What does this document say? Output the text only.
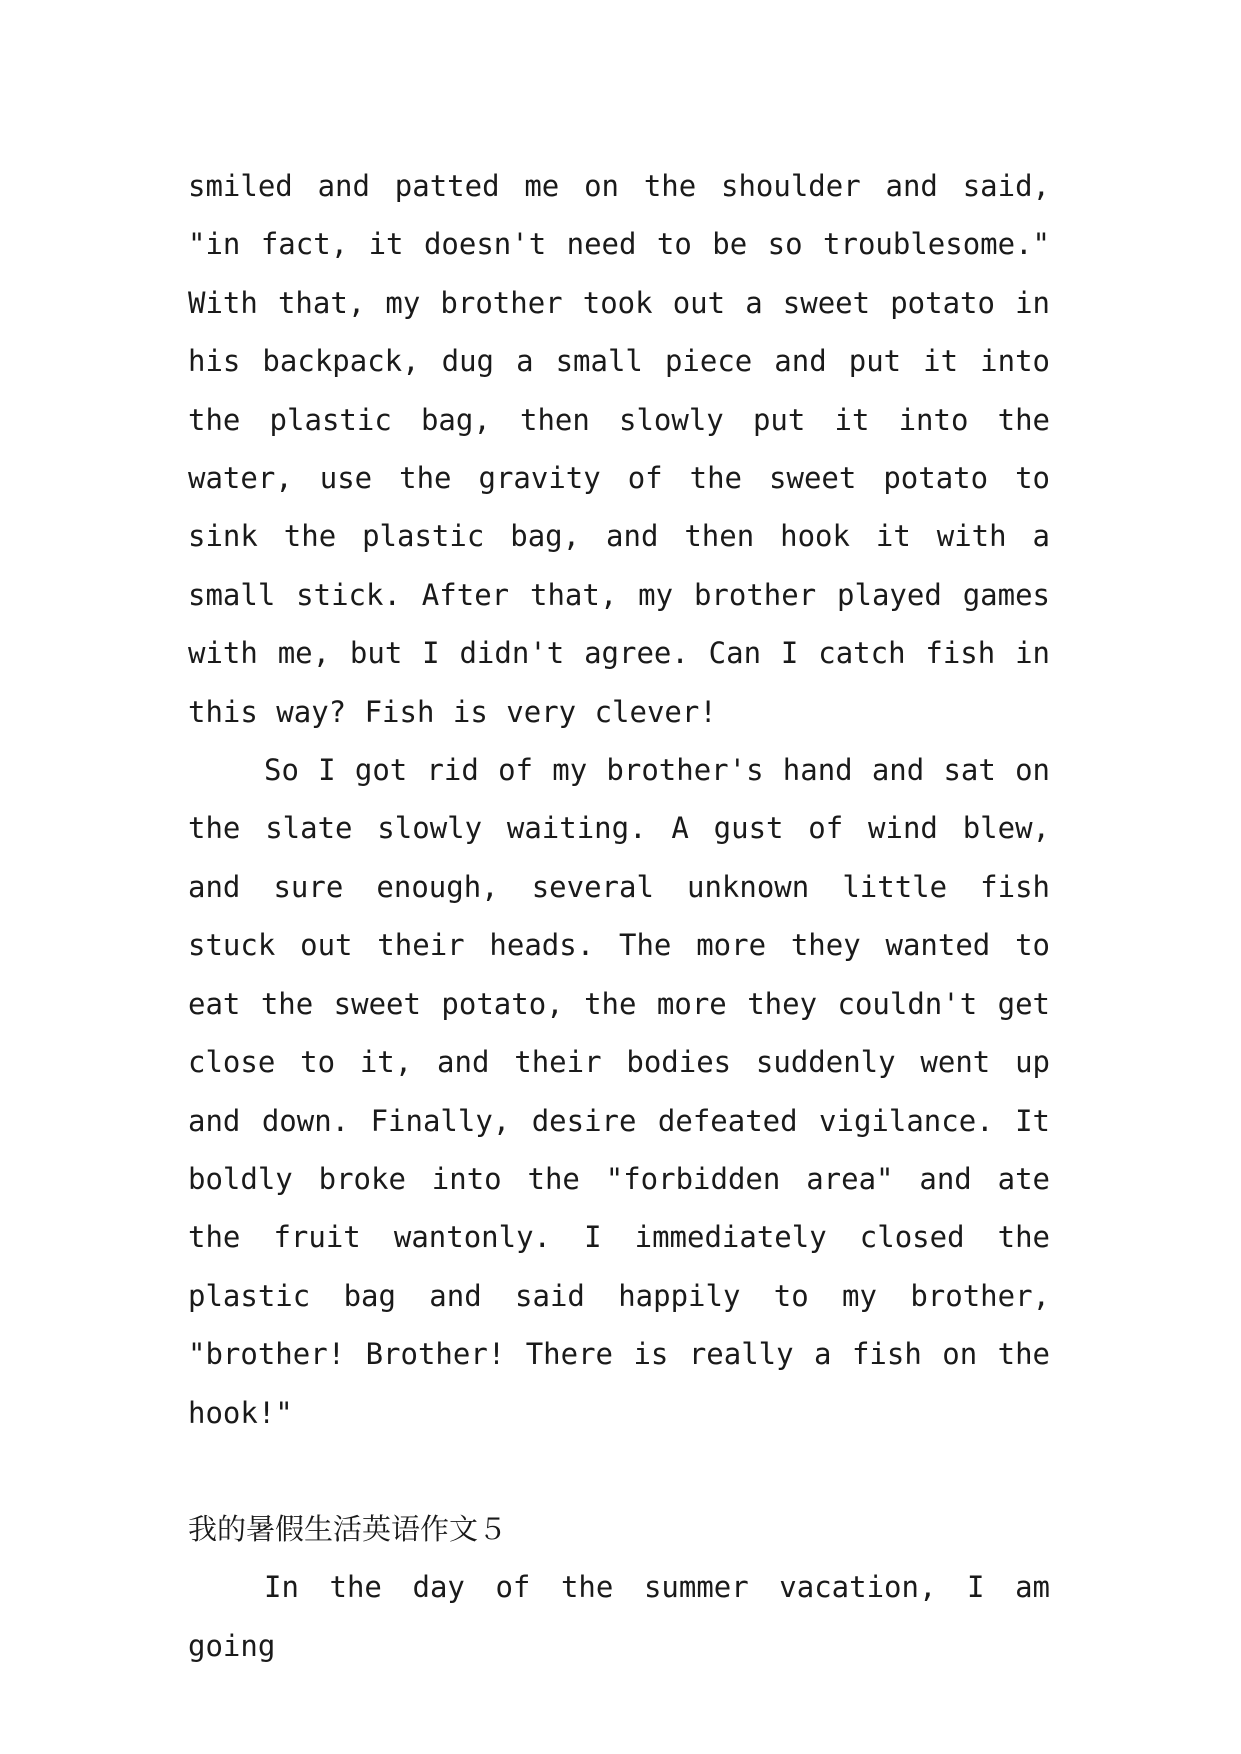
smiled and patted me on the shoulder and said, "in fact, it doesn't need to be so troublesome." With that, my brother took out a sweet potato in his backpack, dug a small piece and put it into the plastic bag, then slowly put it into the water, use the gravity of the sweet potato to sink the plastic bag, and then hook it with a small stick. After that, my brother played games with me, but I didn't agree. Can I catch fish in this way? Fish is very clever!

So I got rid of my brother's hand and sat on the slate slowly waiting. A gust of wind blew, and sure enough, several unknown little fish stuck out their heads. The more they wanted to eat the sweet potato, the more they couldn't get close to it, and their bodies suddenly went up and down. Finally, desire defeated vigilance. It boldly broke into the "forbidden area" and ate the fruit wantonly. I immediately closed the plastic bag and said happily to my brother, "brother! Brother! There is really a fish on the hook!"

我的暑假生活英语作文５

In the day of the summer vacation, I am going
